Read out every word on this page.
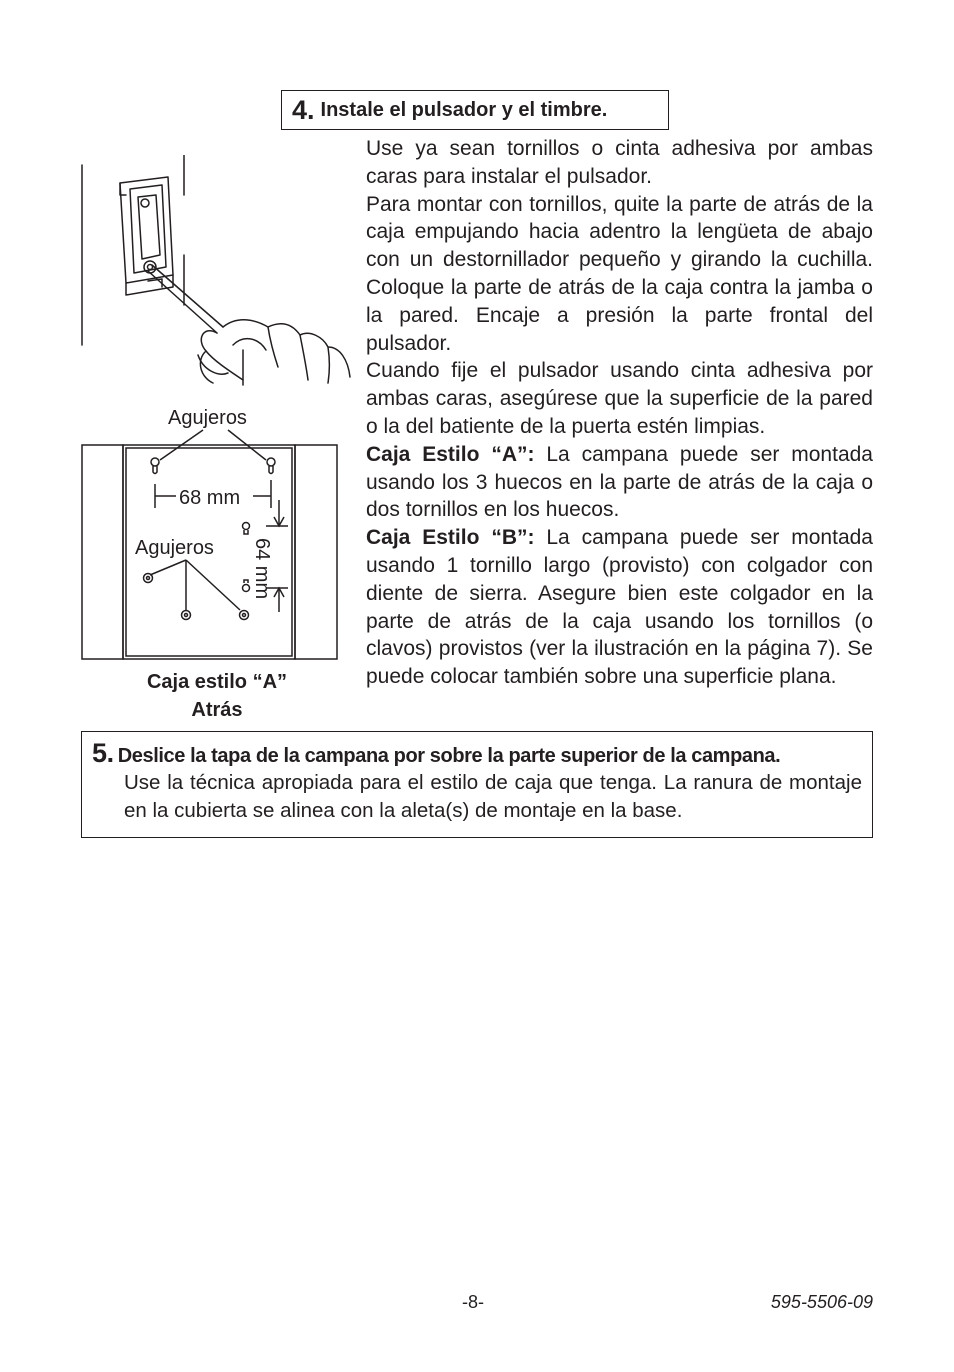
4. Instale el pulsador y el timbre.
Agujeros
Agujeros
68 mm
64 mm
Caja estilo “A”
Atrás

Use ya sean tornillos o cinta adhesiva por ambas caras para instalar el pulsador.

Para montar con tornillos, quite la parte de atrás de la caja empujando hacia adentro la lengüeta de abajo con un destornillador pequeño y girando la cuchilla. Coloque la parte de atrás de la caja contra la jamba o la pared. Encaje a presión la parte frontal del pulsador.

Cuando fije el pulsador usando cinta adhesiva por ambas caras, asegúrese que la superficie de la pared o la del batiente de la puerta estén limpias.

Caja Estilo “A”: La campana puede ser montada usando los 3 huecos en la parte de atrás de la caja o dos tornillos en los huecos.

Caja Estilo “B”: La campana puede ser montada usando 1 tornillo largo (provisto) con colgador con diente de sierra. Asegure bien este colgador en la parte de atrás de la caja usando los tornillos (o clavos) provistos (ver la ilustración en la página 7). Se puede colocar también sobre una superficie plana.

5. Deslice la tapa de la campana por sobre la parte superior de la campana.
Use la técnica apropiada para el estilo de caja que tenga. La ranura de montaje en la cubierta se alinea con la aleta(s) de montaje en la base.
-8-	595-5506-09
